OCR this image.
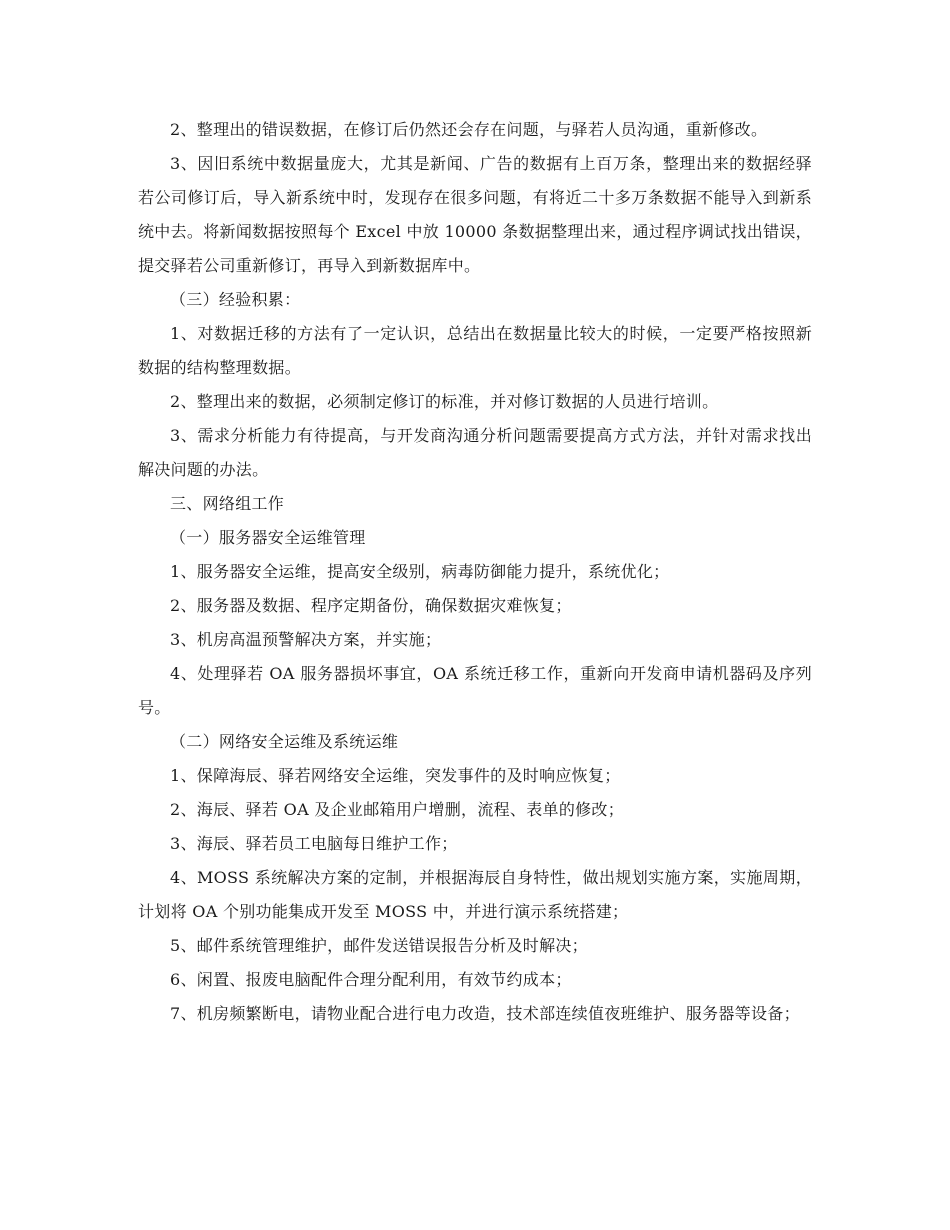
2、整理出的错误数据，在修订后仍然还会存在问题，与驿若人员沟通，重新修改。

3、因旧系统中数据量庞大，尤其是新闻、广告的数据有上百万条，整理出来的数据经驿若公司修订后，导入新系统中时，发现存在很多问题，有将近二十多万条数据不能导入到新系统中去。将新闻数据按照每个 Excel 中放 10000 条数据整理出来，通过程序调试找出错误，提交驿若公司重新修订，再导入到新数据库中。

（三）经验积累：

1、对数据迁移的方法有了一定认识，总结出在数据量比较大的时候，一定要严格按照新数据的结构整理数据。

2、整理出来的数据，必须制定修订的标准，并对修订数据的人员进行培训。

3、需求分析能力有待提高，与开发商沟通分析问题需要提高方式方法，并针对需求找出解决问题的办法。

三、网络组工作

（一）服务器安全运维管理

1、服务器安全运维，提高安全级别，病毒防御能力提升，系统优化；

2、服务器及数据、程序定期备份，确保数据灾难恢复；

3、机房高温预警解决方案，并实施；

4、处理驿若 OA 服务器损坏事宜，OA 系统迁移工作，重新向开发商申请机器码及序列号。

（二）网络安全运维及系统运维

1、保障海辰、驿若网络安全运维，突发事件的及时响应恢复；

2、海辰、驿若 OA 及企业邮箱用户增删，流程、表单的修改；

3、海辰、驿若员工电脑每日维护工作；

4、MOSS 系统解决方案的定制，并根据海辰自身特性，做出规划实施方案，实施周期，计划将 OA 个别功能集成开发至 MOSS 中，并进行演示系统搭建；

5、邮件系统管理维护，邮件发送错误报告分析及时解决；

6、闲置、报废电脑配件合理分配利用，有效节约成本；

7、机房频繁断电，请物业配合进行电力改造，技术部连续值夜班维护、服务器等设备；
